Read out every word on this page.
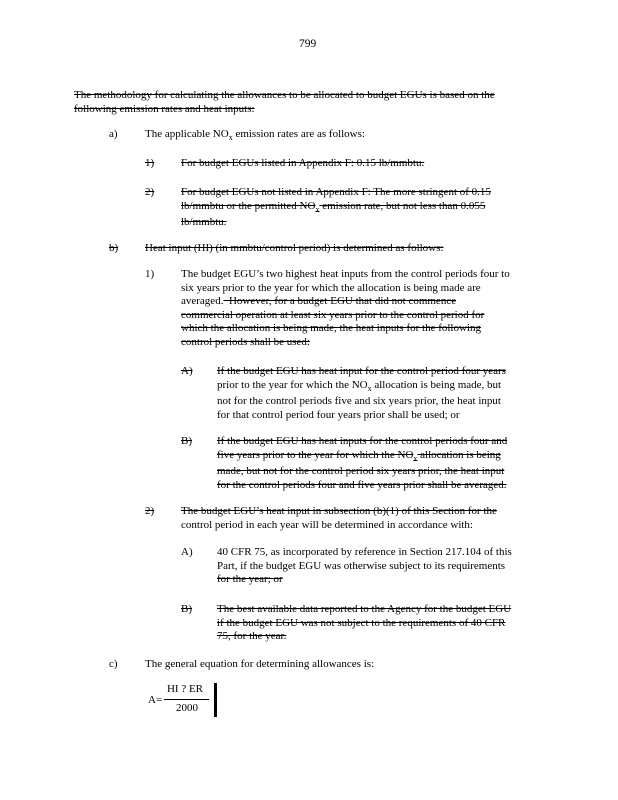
799
The methodology for calculating the allowances to be allocated to budget EGUs is based on the
following emission rates and heat inputs:
a) The applicable $NO_x$ emission rates are as follows:
1) For budget EGUs listed in Appendix F: 0.15 lb/mmbtu.
2) For budget EGUs not listed in Appendix F: The more stringent of 0.15
lb/mmbtu or the permitted $NO_x$ emission rate, but not less than 0.055
lb/mmbtu.
b) Heat input (HI) (in mmbtu/control period) is determined as follows:
1) The budget EGU’s two highest heat inputs from the control periods four to
six years prior to the year for which the allocation is being made are
averaged.  However, for a budget EGU that did not commence
commercial operation at least six years prior to the control period for
which the allocation is being made, the heat inputs for the following
control periods shall be used:
A) If the budget EGU has heat input for the control period four years
prior to the year for which the $NO_x$ allocation is being made, but
not for the control periods five and six years prior, the heat input
for that control period four years prior shall be used; or
B) If the budget EGU has heat inputs for the control periods four and
five years prior to the year for which the $NO_x$ allocation is being
made, but not for the control period six years prior, the heat input
for the control periods four and five years prior shall be averaged.
2) The budget EGU’s heat input in subsection (b)(1) of this Section for the
control period in each year will be determined in accordance with:
A) 40 CFR 75, as incorporated by reference in Section 217.104 of this
Part, if the budget EGU was otherwise subject to its requirements
for the year; or
B) The best available data reported to the Agency for the budget EGU
if the budget EGU was not subject to the requirements of 40 CFR
75, for the year.
c) The general equation for determining allowances is:
A=
HI ? ER
2000
